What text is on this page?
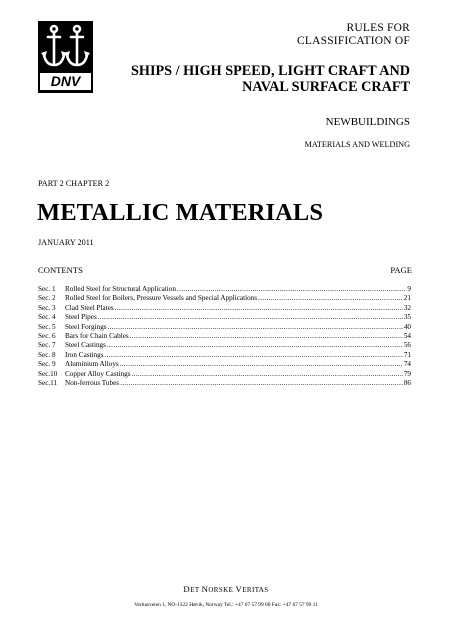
DNV
RULES FOR
CLASSIFICATION OF
SHIPS / HIGH SPEED, LIGHT CRAFT AND
NAVAL SURFACE CRAFT
NEWBUILDINGS
MATERIALS AND WELDING
PART 2 CHAPTER 2
METALLIC MATERIALS
JANUARY 2011
CONTENTS	PAGE
Sec. 1	Rolled Steel for Structural Application .....	9
Sec. 2	Rolled Steel for Boilers, Pressure Vessels and Special Applications .....	21
Sec. 3	Clad Steel Plates .....	32
Sec. 4	Steel Pipes .....	35
Sec. 5	Steel Forgings .....	40
Sec. 6	Bars for Chain Cables .....	54
Sec. 7	Steel Castings .....	56
Sec. 8	Iron Castings .....	71
Sec. 9	Aluminium Alloys .....	74
Sec.10	Copper Alloy Castings .....	79
Sec.11	Non-ferrous Tubes .....	86
DET NORSKE VERITAS
Veritasveien 1, NO-1322 Høvik, Norway Tel.: +47 67 57 99 00 Fax: +47 67 57 99 11
